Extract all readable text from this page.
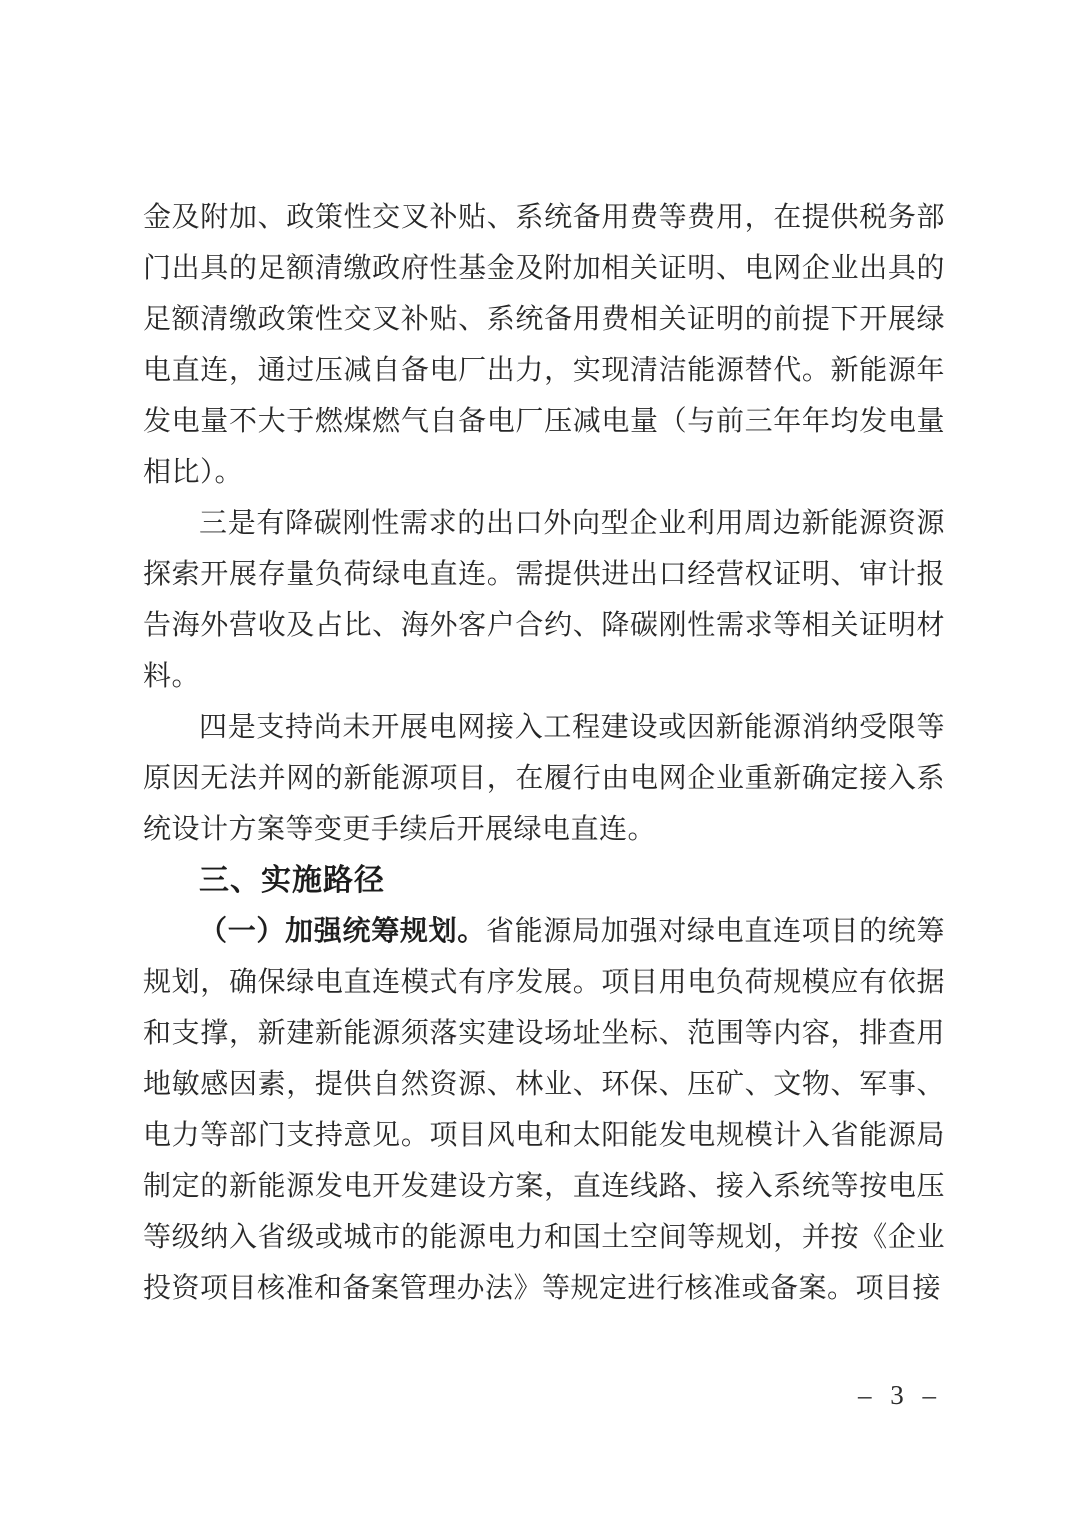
金及附加、政策性交叉补贴、系统备用费等费用，在提供税务部门出具的足额清缴政府性基金及附加相关证明、电网企业出具的足额清缴政策性交叉补贴、系统备用费相关证明的前提下开展绿电直连，通过压减自备电厂出力，实现清洁能源替代。新能源年发电量不大于燃煤燃气自备电厂压减电量（与前三年年均发电量相比）。

三是有降碳刚性需求的出口外向型企业利用周边新能源资源探索开展存量负荷绿电直连。需提供进出口经营权证明、审计报告海外营收及占比、海外客户合约、降碳刚性需求等相关证明材料。

四是支持尚未开展电网接入工程建设或因新能源消纳受限等原因无法并网的新能源项目，在履行由电网企业重新确定接入系统设计方案等变更手续后开展绿电直连。

三、实施路径

（一）加强统筹规划。省能源局加强对绿电直连项目的统筹规划，确保绿电直连模式有序发展。项目用电负荷规模应有依据和支撑，新建新能源须落实建设场址坐标、范围等内容，排查用地敏感因素，提供自然资源、林业、环保、压矿、文物、军事、电力等部门支持意见。项目风电和太阳能发电规模计入省能源局制定的新能源发电开发建设方案，直连线路、接入系统等按电压等级纳入省级或城市的能源电力和国土空间等规划，并按《企业投资项目核准和备案管理办法》等规定进行核准或备案。项目接

– 3 –
